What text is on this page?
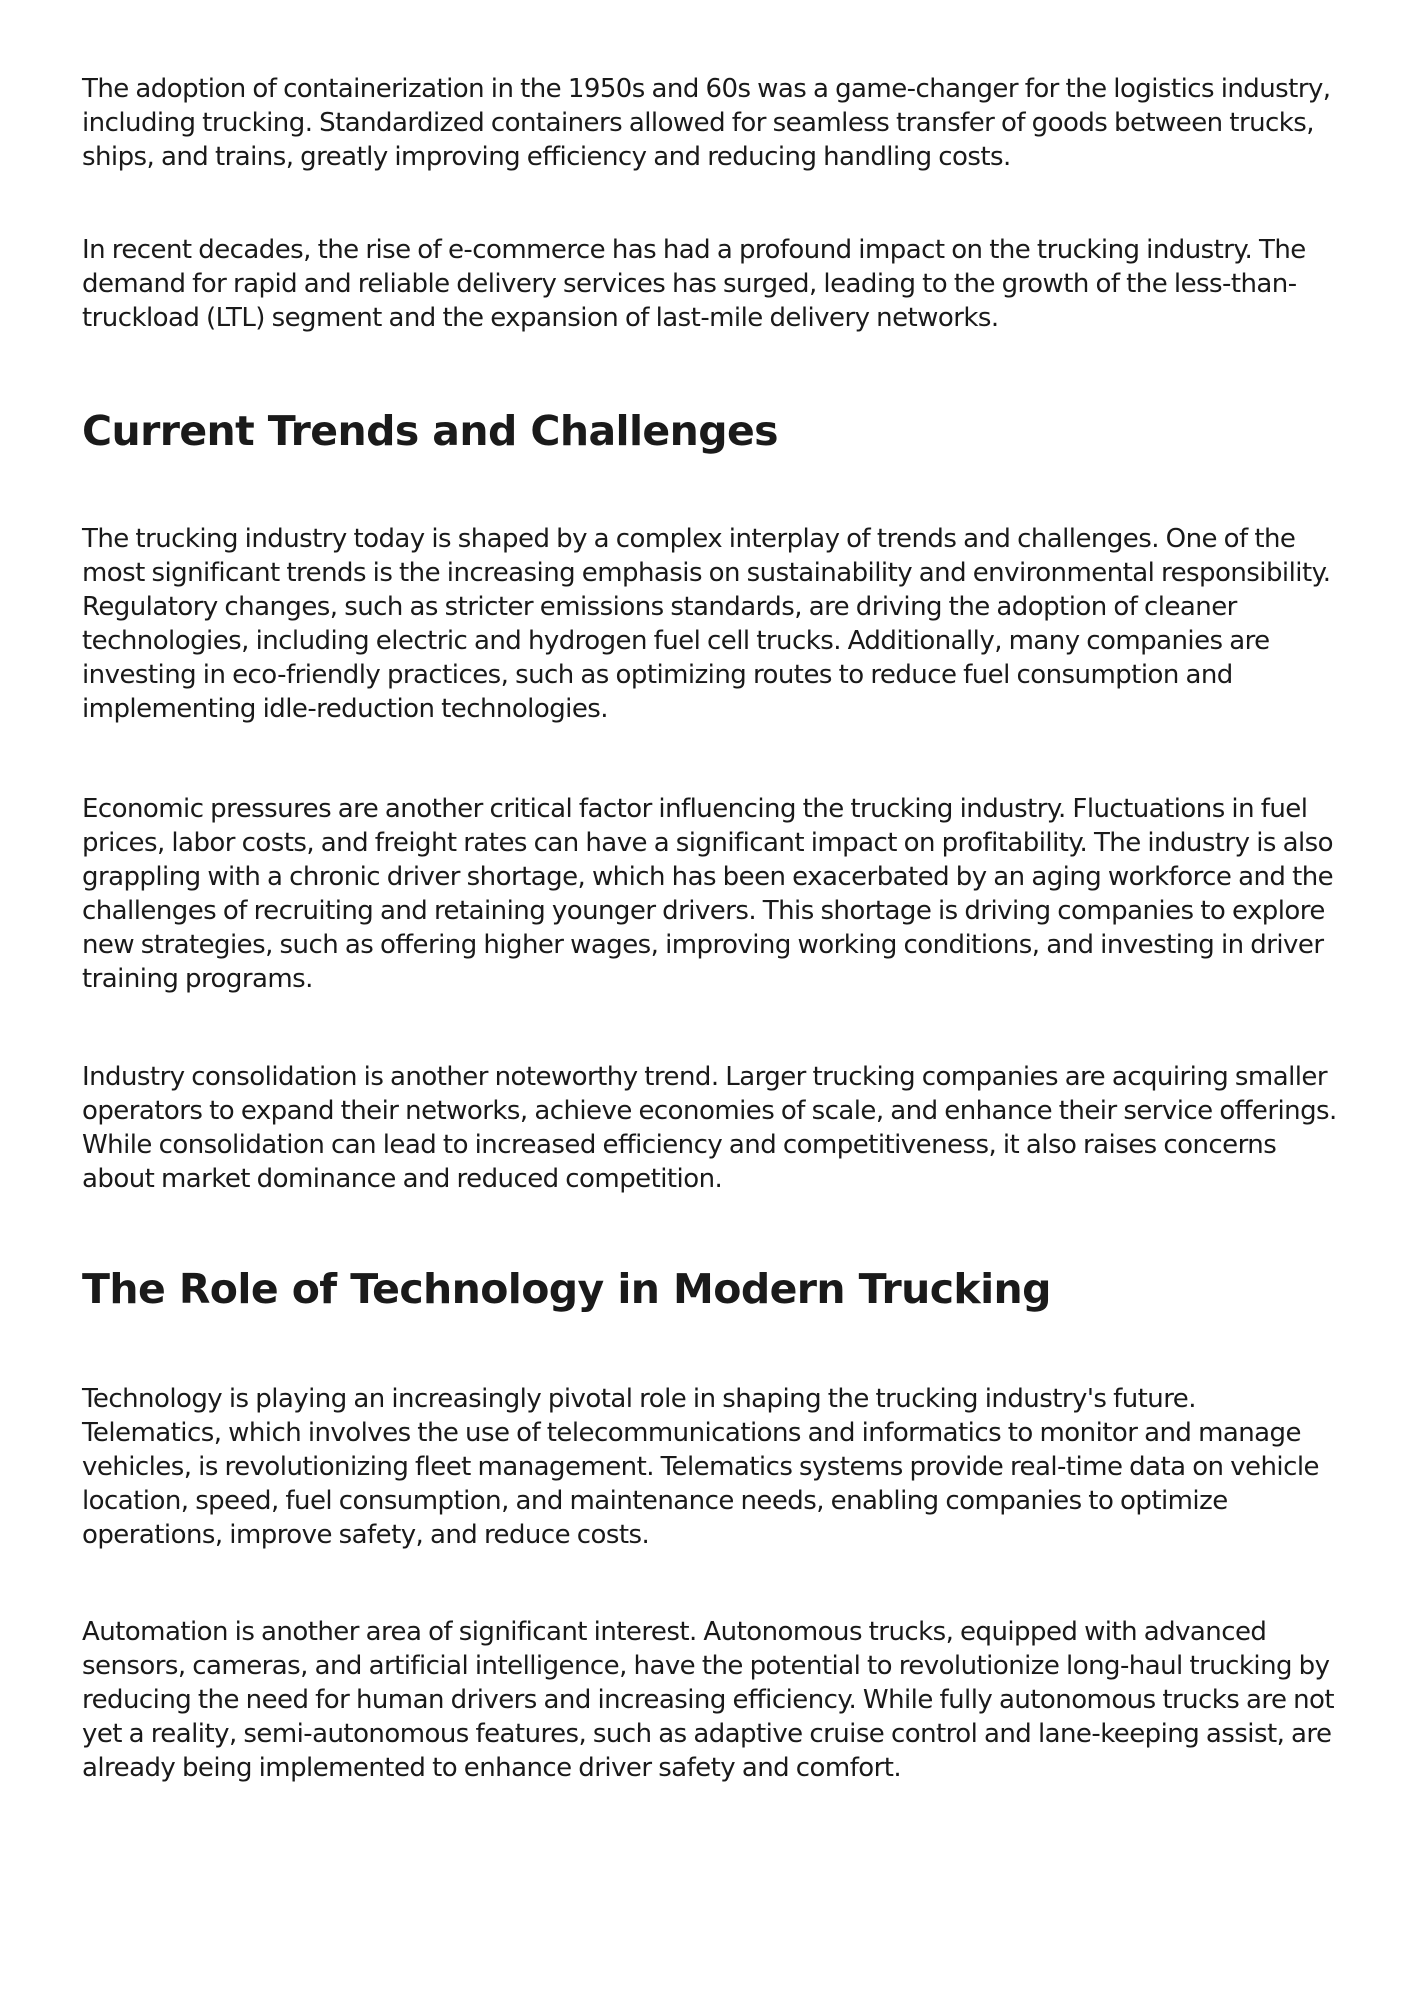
The adoption of containerization in the 1950s and 60s was a game-changer for the logistics industry, including trucking. Standardized containers allowed for seamless transfer of goods between trucks, ships, and trains, greatly improving efficiency and reducing handling costs.

In recent decades, the rise of e-commerce has had a profound impact on the trucking industry. The demand for rapid and reliable delivery services has surged, leading to the growth of the less-than-truckload (LTL) segment and the expansion of last-mile delivery networks.

Current Trends and Challenges

The trucking industry today is shaped by a complex interplay of trends and challenges. One of the most significant trends is the increasing emphasis on sustainability and environmental responsibility. Regulatory changes, such as stricter emissions standards, are driving the adoption of cleaner technologies, including electric and hydrogen fuel cell trucks. Additionally, many companies are investing in eco-friendly practices, such as optimizing routes to reduce fuel consumption and implementing idle-reduction technologies.

Economic pressures are another critical factor influencing the trucking industry. Fluctuations in fuel prices, labor costs, and freight rates can have a significant impact on profitability. The industry is also grappling with a chronic driver shortage, which has been exacerbated by an aging workforce and the challenges of recruiting and retaining younger drivers. This shortage is driving companies to explore new strategies, such as offering higher wages, improving working conditions, and investing in driver training programs.

Industry consolidation is another noteworthy trend. Larger trucking companies are acquiring smaller operators to expand their networks, achieve economies of scale, and enhance their service offerings. While consolidation can lead to increased efficiency and competitiveness, it also raises concerns about market dominance and reduced competition.

The Role of Technology in Modern Trucking

Technology is playing an increasingly pivotal role in shaping the trucking industry's future. Telematics, which involves the use of telecommunications and informatics to monitor and manage vehicles, is revolutionizing fleet management. Telematics systems provide real-time data on vehicle location, speed, fuel consumption, and maintenance needs, enabling companies to optimize operations, improve safety, and reduce costs.

Automation is another area of significant interest. Autonomous trucks, equipped with advanced sensors, cameras, and artificial intelligence, have the potential to revolutionize long-haul trucking by reducing the need for human drivers and increasing efficiency. While fully autonomous trucks are not yet a reality, semi-autonomous features, such as adaptive cruise control and lane-keeping assist, are already being implemented to enhance driver safety and comfort.
